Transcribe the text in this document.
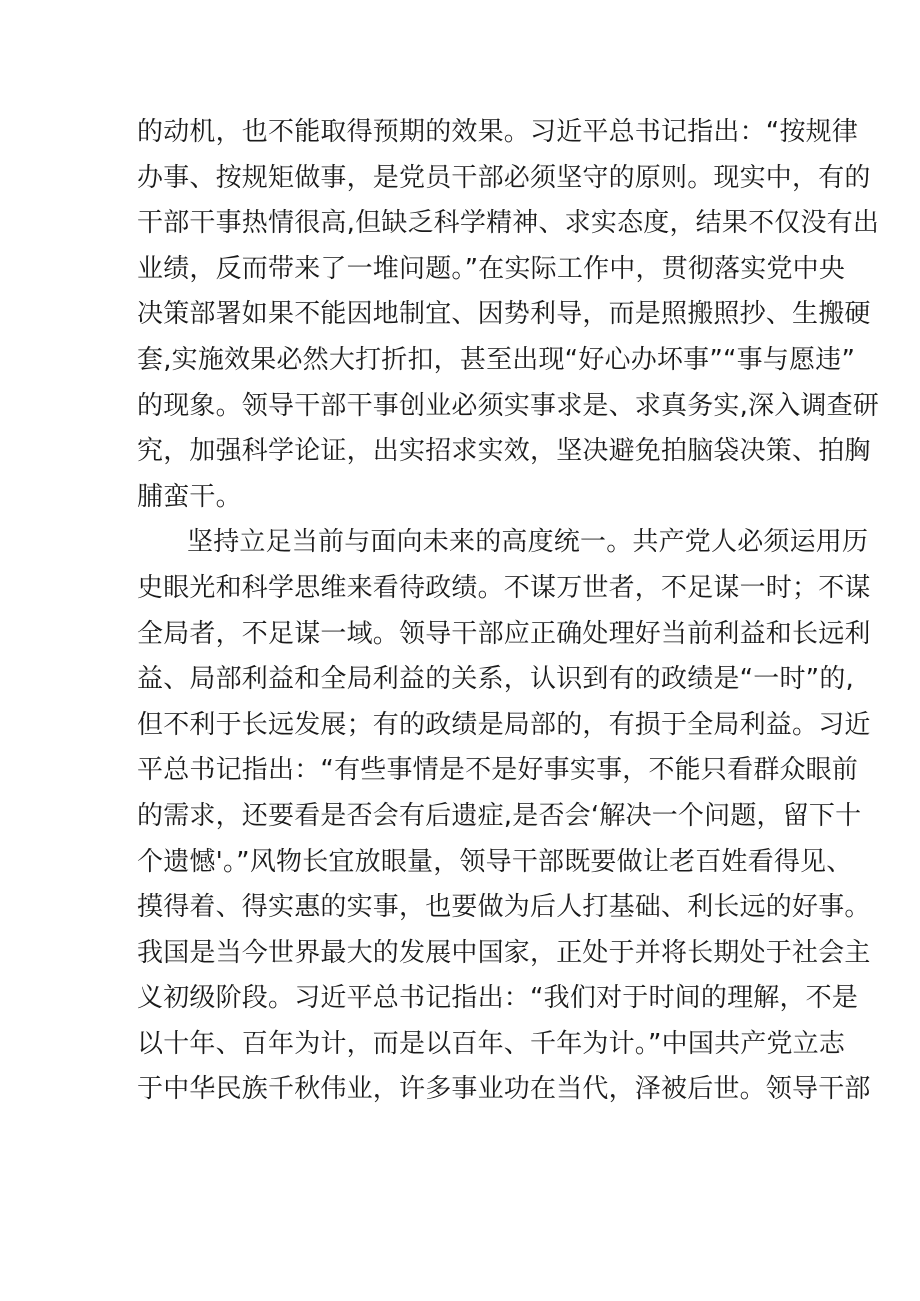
的动机，也不能取得预期的效果。习近平总书记指出：“按规律
办事、按规矩做事，是党员干部必须坚守的原则。现实中，有的
干部干事热情很高,但缺乏科学精神、求实态度，结果不仅没有出
业绩，反而带来了一堆问题。”在实际工作中，贯彻落实党中央
决策部署如果不能因地制宜、因势利导，而是照搬照抄、生搬硬
套,实施效果必然大打折扣，甚至出现“好心办坏事”“事与愿违”
的现象。领导干部干事创业必须实事求是、求真务实,深入调查研
究，加强科学论证，出实招求实效，坚决避免拍脑袋决策、拍胸
脯蛮干。
坚持立足当前与面向未来的高度统一。共产党人必须运用历
史眼光和科学思维来看待政绩。不谋万世者，不足谋一时；不谋
全局者，不足谋一域。领导干部应正确处理好当前利益和长远利
益、局部利益和全局利益的关系，认识到有的政绩是“一时”的,
但不利于长远发展；有的政绩是局部的，有损于全局利益。习近
平总书记指出：“有些事情是不是好事实事，不能只看群众眼前
的需求，还要看是否会有后遗症,是否会‘解决一个问题，留下十
个遗憾'。”风物长宜放眼量，领导干部既要做让老百姓看得见、
摸得着、得实惠的实事，也要做为后人打基础、利长远的好事。
我国是当今世界最大的发展中国家，正处于并将长期处于社会主
义初级阶段。习近平总书记指出：“我们对于时间的理解，不是
以十年、百年为计，而是以百年、千年为计。”中国共产党立志
于中华民族千秋伟业，许多事业功在当代，泽被后世。领导干部
